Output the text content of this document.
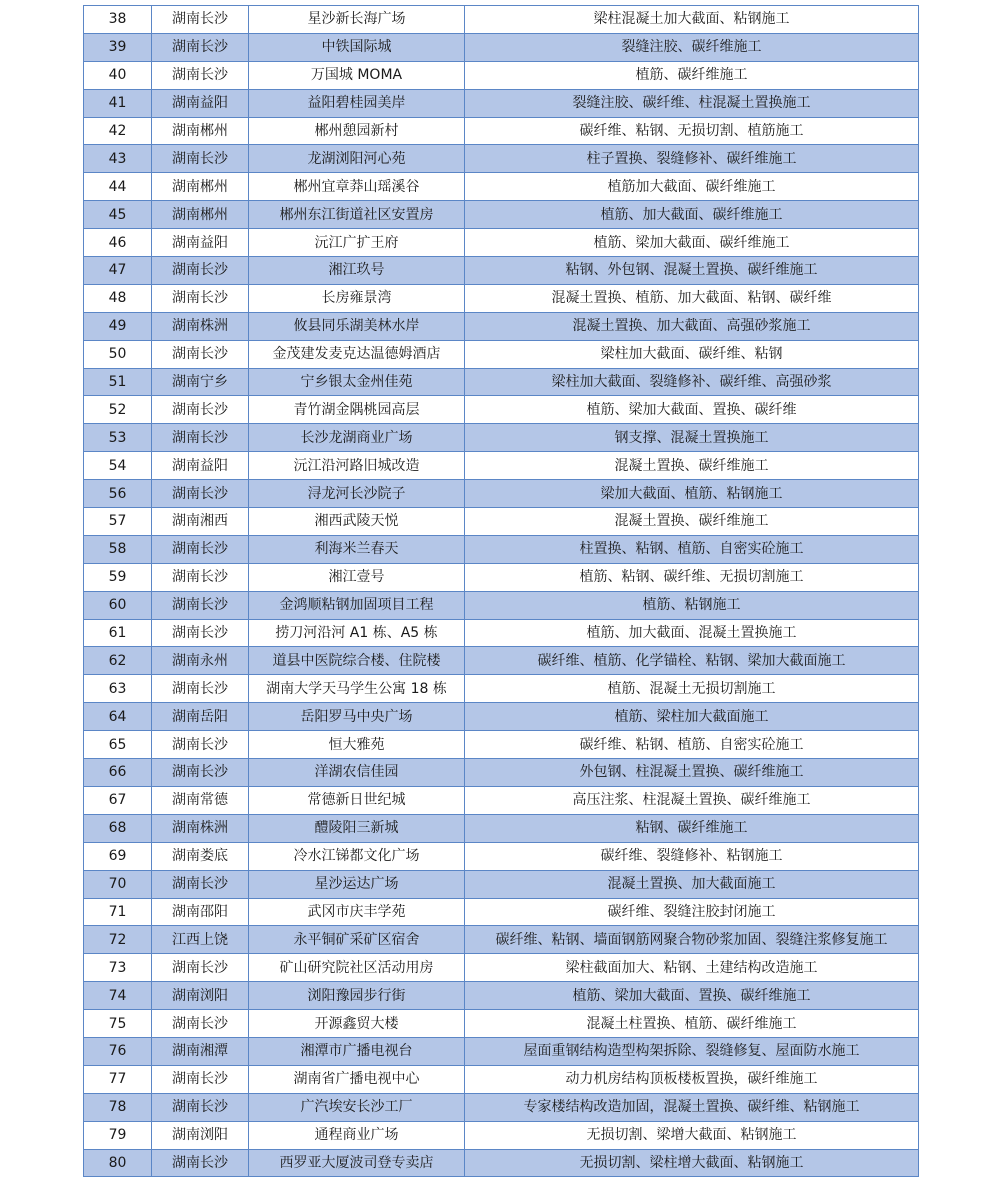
38	湖南长沙	星沙新长海广场	梁柱混凝土加大截面、粘钢施工
39	湖南长沙	中铁国际城	裂缝注胶、碳纤维施工
40	湖南长沙	万国城 MOMA	植筋、碳纤维施工
41	湖南益阳	益阳碧桂园美岸	裂缝注胶、碳纤维、柱混凝土置换施工
42	湖南郴州	郴州憩园新村	碳纤维、粘钢、无损切割、植筋施工
43	湖南长沙	龙湖浏阳河心苑	柱子置换、裂缝修补、碳纤维施工
44	湖南郴州	郴州宜章莽山瑶溪谷	植筋加大截面、碳纤维施工
45	湖南郴州	郴州东江街道社区安置房	植筋、加大截面、碳纤维施工
46	湖南益阳	沅江广扩王府	植筋、梁加大截面、碳纤维施工
47	湖南长沙	湘江玖号	粘钢、外包钢、混凝土置换、碳纤维施工
48	湖南长沙	长房雍景湾	混凝土置换、植筋、加大截面、粘钢、碳纤维
49	湖南株洲	攸县同乐湖美林水岸	混凝土置换、加大截面、高强砂浆施工
50	湖南长沙	金茂建发麦克达温德姆酒店	梁柱加大截面、碳纤维、粘钢
51	湖南宁乡	宁乡银太金州佳苑	梁柱加大截面、裂缝修补、碳纤维、高强砂浆
52	湖南长沙	青竹湖金隅桃园高层	植筋、梁加大截面、置换、碳纤维
53	湖南长沙	长沙龙湖商业广场	钢支撑、混凝土置换施工
54	湖南益阳	沅江沿河路旧城改造	混凝土置换、碳纤维施工
56	湖南长沙	浔龙河长沙院子	梁加大截面、植筋、粘钢施工
57	湖南湘西	湘西武陵天悦	混凝土置换、碳纤维施工
58	湖南长沙	利海米兰春天	柱置换、粘钢、植筋、自密实砼施工
59	湖南长沙	湘江壹号	植筋、粘钢、碳纤维、无损切割施工
60	湖南长沙	金鸿顺粘钢加固项目工程	植筋、粘钢施工
61	湖南长沙	捞刀河沿河 A1 栋、A5 栋	植筋、加大截面、混凝土置换施工
62	湖南永州	道县中医院综合楼、住院楼	碳纤维、植筋、化学锚栓、粘钢、梁加大截面施工
63	湖南长沙	湖南大学天马学生公寓 18 栋	植筋、混凝土无损切割施工
64	湖南岳阳	岳阳罗马中央广场	植筋、梁柱加大截面施工
65	湖南长沙	恒大雅苑	碳纤维、粘钢、植筋、自密实砼施工
66	湖南长沙	洋湖农信佳园	外包钢、柱混凝土置换、碳纤维施工
67	湖南常德	常德新日世纪城	高压注浆、柱混凝土置换、碳纤维施工
68	湖南株洲	醴陵阳三新城	粘钢、碳纤维施工
69	湖南娄底	冷水江锑都文化广场	碳纤维、裂缝修补、粘钢施工
70	湖南长沙	星沙运达广场	混凝土置换、加大截面施工
71	湖南邵阳	武冈市庆丰学苑	碳纤维、裂缝注胶封闭施工
72	江西上饶	永平铜矿采矿区宿舍	碳纤维、粘钢、墙面钢筋网聚合物砂浆加固、裂缝注浆修复施工
73	湖南长沙	矿山研究院社区活动用房	梁柱截面加大、粘钢、土建结构改造施工
74	湖南浏阳	浏阳豫园步行街	植筋、梁加大截面、置换、碳纤维施工
75	湖南长沙	开源鑫贸大楼	混凝土柱置换、植筋、碳纤维施工
76	湖南湘潭	湘潭市广播电视台	屋面重钢结构造型构架拆除、裂缝修复、屋面防水施工
77	湖南长沙	湖南省广播电视中心	动力机房结构顶板楼板置换，碳纤维施工
78	湖南长沙	广汽埃安长沙工厂	专家楼结构改造加固，混凝土置换、碳纤维、粘钢施工
79	湖南浏阳	通程商业广场	无损切割、梁增大截面、粘钢施工
80	湖南长沙	西罗亚大厦波司登专卖店	无损切割、梁柱增大截面、粘钢施工
